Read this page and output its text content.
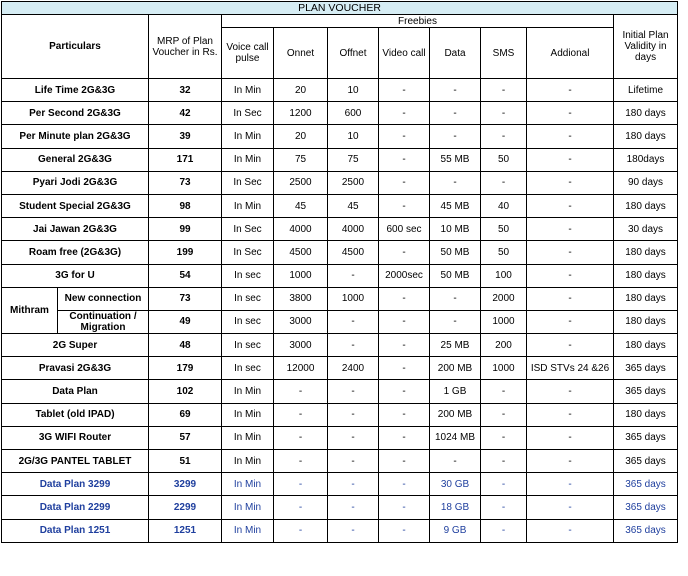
PLAN VOUCHER										
Particulars		MRP of Plan Voucher in Rs.	Freebies							Initial Plan Validity in days
			Voice call pulse	Onnet	Offnet	Video call	Data	SMS	Addional	
Life Time 2G&3G		32	In Min	20	10	-	-	-	-	Lifetime
Per Second 2G&3G		42	In Sec	1200	600	-	-	-	-	180 days
Per Minute plan 2G&3G		39	In Min	20	10	-	-	-	-	180 days
General 2G&3G		171	In Min	75	75	-	55 MB	50	-	180days
Pyari Jodi 2G&3G		73	In Sec	2500	2500	-	-	-	-	90 days
Student Special 2G&3G		98	In Min	45	45	-	45 MB	40	-	180 days
Jai Jawan 2G&3G		99	In Sec	4000	4000	600 sec	10 MB	50	-	30 days
Roam free (2G&3G)		199	In Sec	4500	4500	-	50 MB	50	-	180 days
3G for U		54	In sec	1000	-	2000sec	50 MB	100	-	180 days
Mithram	New connection	73	In sec	3800	1000	-	-	2000	-	180 days
	Continuation / Migration	49	In sec	3000	-	-	-	1000	-	180 days
2G Super		48	In sec	3000	-	-	25 MB	200	-	180 days
Pravasi 2G&3G		179	In sec	12000	2400	-	200 MB	1000	ISD STVs 24 &26	365 days
Data Plan		102	In Min	-	-	-	1 GB	-	-	365 days
Tablet (old IPAD)		69	In Min	-	-	-	200 MB	-	-	180 days
3G WIFI Router		57	In Min	-	-	-	1024 MB	-	-	365 days
2G/3G PANTEL TABLET		51	In Min	-	-	-	-	-	-	365 days
Data Plan 3299		3299	In Min	-	-	-	30 GB	-	-	365 days
Data Plan 2299		2299	In Min	-	-	-	18 GB	-	-	365 days
Data Plan 1251		1251	In Min	-	-	-	9 GB	-	-	365 days
